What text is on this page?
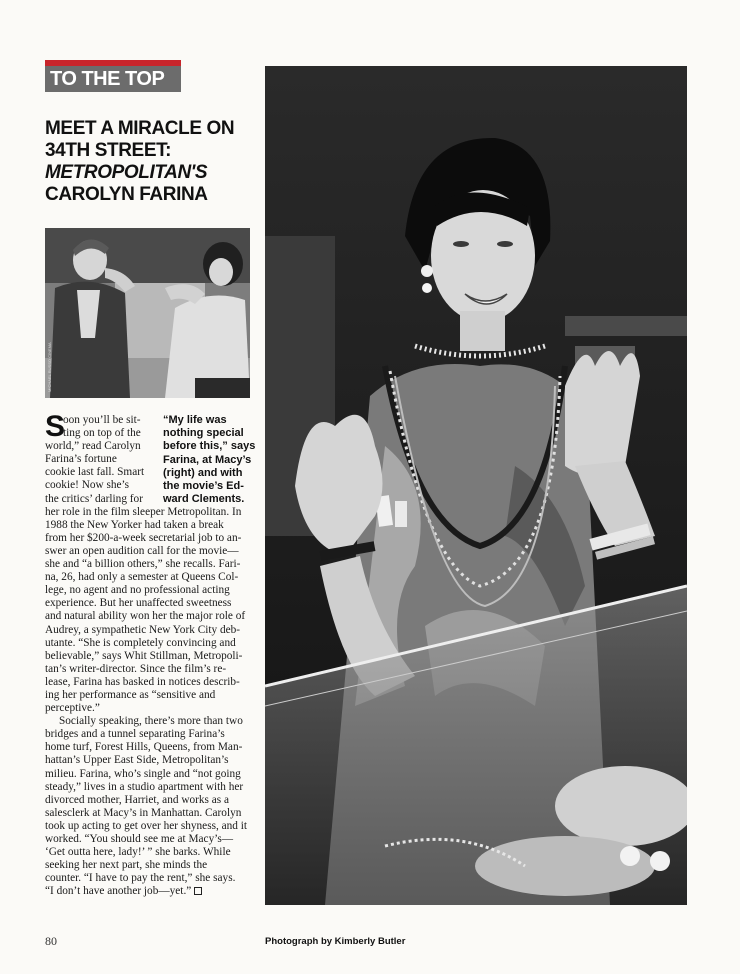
TO THE TOP
MEET A MIRACLE ON
34TH STREET:
METROPOLITAN'S
CAROLYN FARINA
MICHAEL RUSSO CINEMA
“My life was
nothing special
before this,” says
Farina, at Macy’s
(right) and with
the movie’s Ed-
ward Clements.
S
oon you’ll be sit-
ting on top of the
world,” read Carolyn
Farina’s fortune
cookie last fall. Smart
cookie! Now she’s
the critics’ darling for
her role in the film sleeper Metropolitan. In
1988 the New Yorker had taken a break
from her $200-a-week secretarial job to an-
swer an open audition call for the movie—
she and “a billion others,” she recalls. Fari-
na, 26, had only a semester at Queens Col-
lege, no agent and no professional acting
experience. But her unaffected sweetness
and natural ability won her the major role of
Audrey, a sympathetic New York City deb-
utante. “She is completely convincing and
believable,” says Whit Stillman, Metropoli-
tan’s writer-director. Since the film’s re-
lease, Farina has basked in notices describ-
ing her performance as “sensitive and
perceptive.”
Socially speaking, there’s more than two
bridges and a tunnel separating Farina’s
home turf, Forest Hills, Queens, from Man-
hattan’s Upper East Side, Metropolitan’s
milieu. Farina, who’s single and “not going
steady,” lives in a studio apartment with her
divorced mother, Harriet, and works as a
salesclerk at Macy’s in Manhattan. Carolyn
took up acting to get over her shyness, and it
worked. “You should see me at Macy’s—
‘Get outta here, lady!’ ” she barks. While
seeking her next part, she minds the
counter. “I have to pay the rent,” she says.
“I don’t have another job—yet.”
80	Photograph by Kimberly Butler
